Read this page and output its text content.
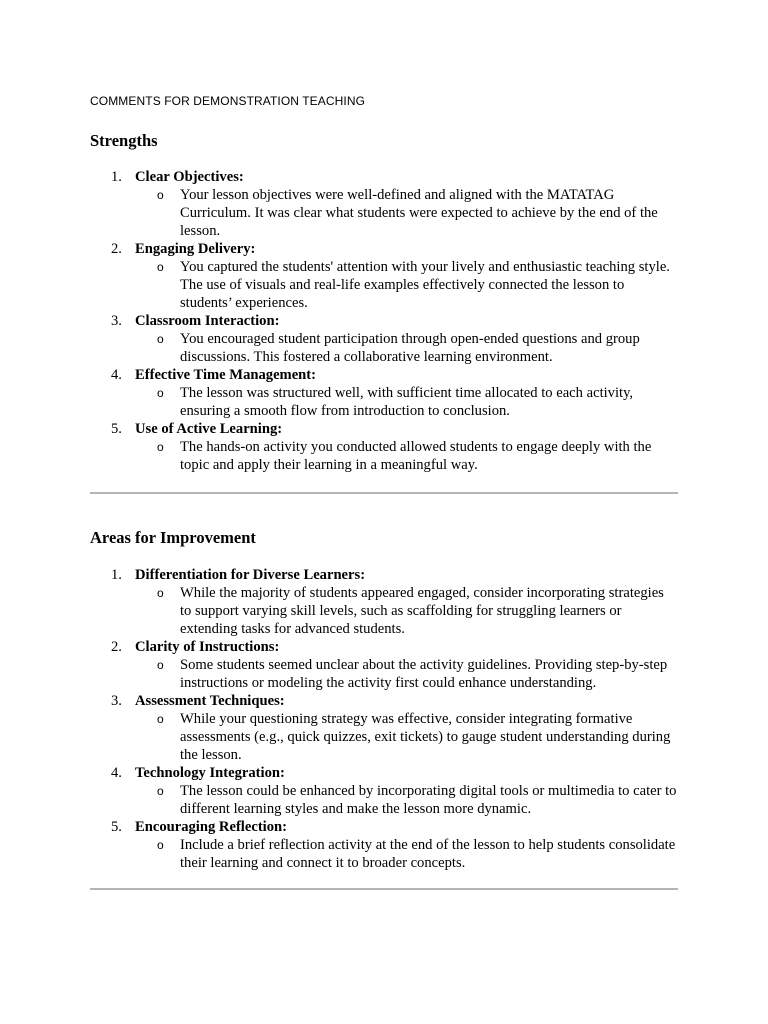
COMMENTS FOR DEMONSTRATION TEACHING
Strengths
1. Clear Objectives:
o Your lesson objectives were well-defined and aligned with the MATATAG Curriculum. It was clear what students were expected to achieve by the end of the lesson.
2. Engaging Delivery:
o You captured the students' attention with your lively and enthusiastic teaching style. The use of visuals and real-life examples effectively connected the lesson to students’ experiences.
3. Classroom Interaction:
o You encouraged student participation through open-ended questions and group discussions. This fostered a collaborative learning environment.
4. Effective Time Management:
o The lesson was structured well, with sufficient time allocated to each activity, ensuring a smooth flow from introduction to conclusion.
5. Use of Active Learning:
o The hands-on activity you conducted allowed students to engage deeply with the topic and apply their learning in a meaningful way.
Areas for Improvement
1. Differentiation for Diverse Learners:
o While the majority of students appeared engaged, consider incorporating strategies to support varying skill levels, such as scaffolding for struggling learners or extending tasks for advanced students.
2. Clarity of Instructions:
o Some students seemed unclear about the activity guidelines. Providing step-by-step instructions or modeling the activity first could enhance understanding.
3. Assessment Techniques:
o While your questioning strategy was effective, consider integrating formative assessments (e.g., quick quizzes, exit tickets) to gauge student understanding during the lesson.
4. Technology Integration:
o The lesson could be enhanced by incorporating digital tools or multimedia to cater to different learning styles and make the lesson more dynamic.
5. Encouraging Reflection:
o Include a brief reflection activity at the end of the lesson to help students consolidate their learning and connect it to broader concepts.
